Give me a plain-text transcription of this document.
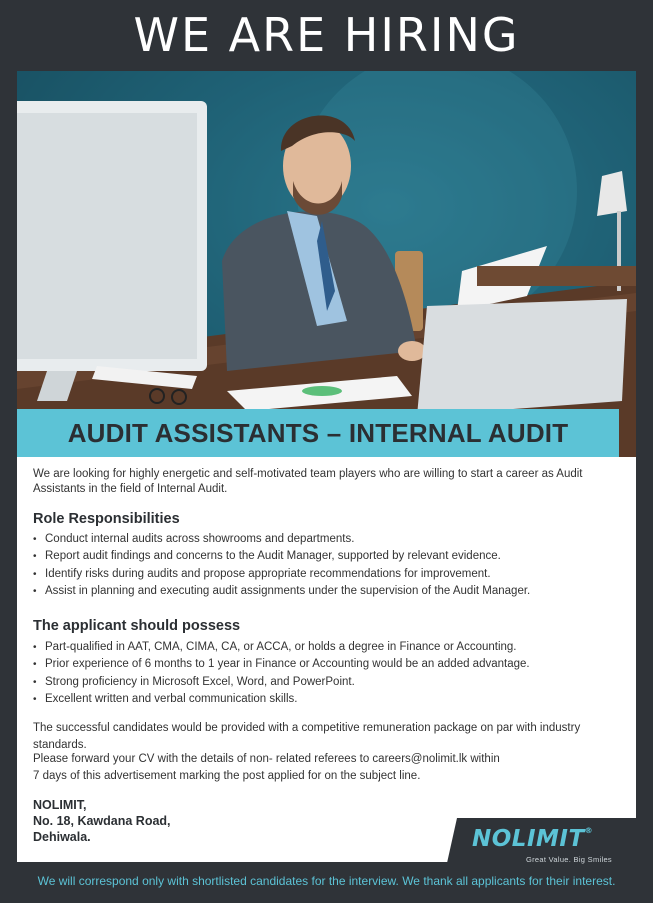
WE ARE HIRING
AUDIT ASSISTANTS – INTERNAL AUDIT
We are looking for highly energetic and self-motivated team players who are willing to start a career as Audit Assistants in the field of Internal Audit.
Role Responsibilities
• Conduct internal audits across showrooms and departments.
• Report audit findings and concerns to the Audit Manager, supported by relevant evidence.
• Identify risks during audits and propose appropriate recommendations for improvement.
• Assist in planning and executing audit assignments under the supervision of the Audit Manager.
The applicant should possess
• Part-qualified in AAT, CMA, CIMA, CA, or ACCA, or holds a degree in Finance or Accounting.
• Prior experience of 6 months to 1 year in Finance or Accounting would be an added advantage.
• Strong proficiency in Microsoft Excel, Word, and PowerPoint.
• Excellent written and verbal communication skills.
The successful candidates would be provided with a competitive remuneration package on par with industry standards.
Please forward your CV with the details of non- related referees to careers@nolimit.lk within
7 days of this advertisement marking the post applied for on the subject line.
NOLIMIT,
No. 18, Kawdana Road,
Dehiwala.	NOLIMIT®
Great Value. Big Smiles
We will correspond only with shortlisted candidates for the interview. We thank all applicants for their interest.
